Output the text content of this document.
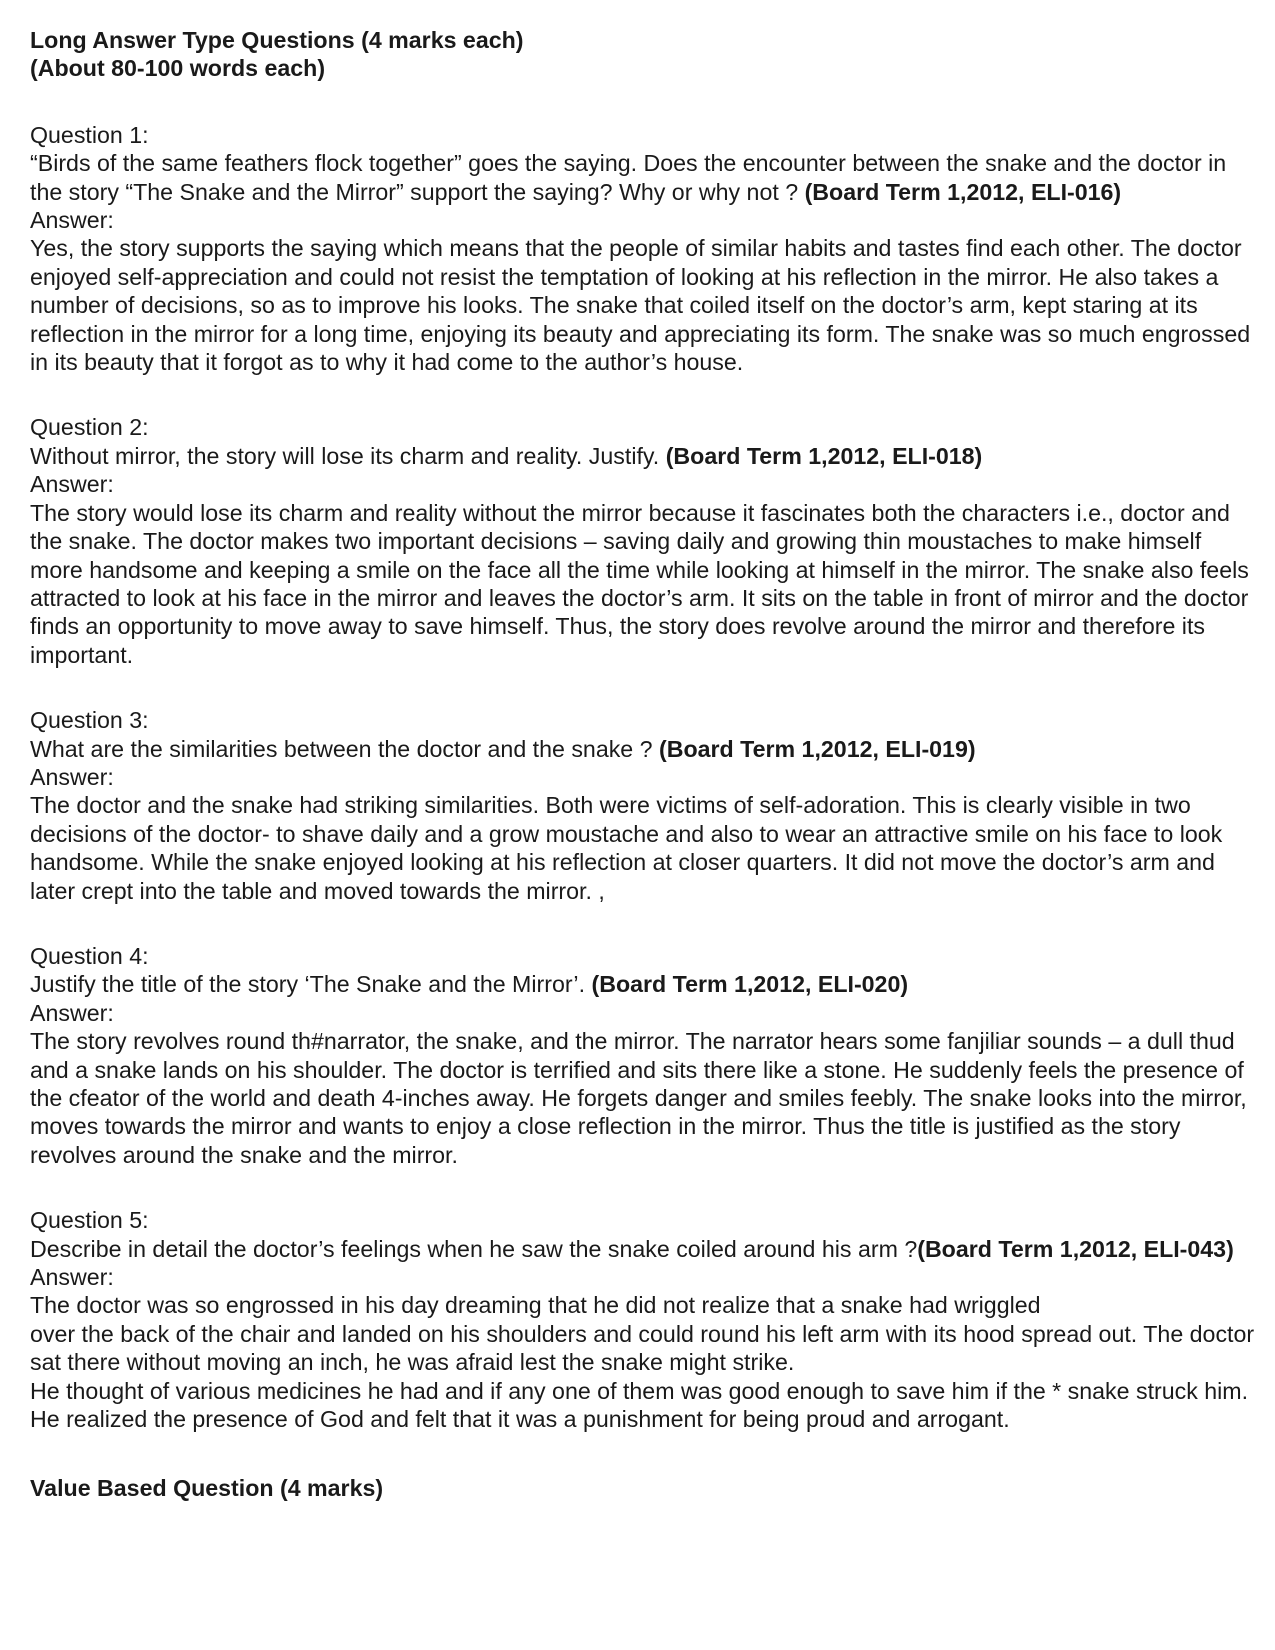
Long Answer Type Questions (4 marks each)

(About 80-100 words each)

Question 1:

“Birds of the same feathers flock together” goes the saying. Does the encounter between the snake and the doctor in the story “The Snake and the Mirror” support the saying? Why or why not ? (Board Term 1,2012, ELI-016)

Answer:

Yes, the story supports the saying which means that the people of similar habits and tastes find each other. The doctor enjoyed self-appreciation and could not resist the temptation of looking at his reflection in the mirror. He also takes a number of decisions, so as to improve his looks. The snake that coiled itself on the doctor’s arm, kept staring at its reflection in the mirror for a long time, enjoying its beauty and appreciating its form. The snake was so much engrossed in its beauty that it forgot as to why it had come to the author’s house.

Question 2:

Without mirror, the story will lose its charm and reality. Justify. (Board Term 1,2012, ELI-018)

Answer:

The story would lose its charm and reality without the mirror because it fascinates both the characters i.e., doctor and the snake. The doctor makes two important decisions – saving daily and growing thin moustaches to make himself more handsome and keeping a smile on the face all the time while looking at himself in the mirror. The snake also feels attracted to look at his face in the mirror and leaves the doctor’s arm. It sits on the table in front of mirror and the doctor finds an opportunity to move away to save himself. Thus, the story does revolve around the mirror and therefore its important.

Question 3:

What are the similarities between the doctor and the snake ? (Board Term 1,2012, ELI-019)

Answer:

The doctor and the snake had striking similarities. Both were victims of self-adoration. This is clearly visible in two decisions of the doctor- to shave daily and a grow moustache and also to wear an attractive smile on his face to look handsome. While the snake enjoyed looking at his reflection at closer quarters. It did not move the doctor’s arm and later crept into the table and moved towards the mirror. ,

Question 4:

Justify the title of the story ‘The Snake and the Mirror’. (Board Term 1,2012, ELI-020)

Answer:

The story revolves round th#narrator, the snake, and the mirror. The narrator hears some fanjiliar sounds – a dull thud and a snake lands on his shoulder. The doctor is terrified and sits there like a stone. He suddenly feels the presence of the cfeator of the world and death 4-inches away. He forgets danger and smiles feebly. The snake looks into the mirror, moves towards the mirror and wants to enjoy a close reflection in the mirror. Thus the title is justified as the story revolves around the snake and the mirror.

Question 5:

Describe in detail the doctor’s feelings when he saw the snake coiled around his arm ?(Board Term 1,2012, ELI-043)

Answer:

The doctor was so engrossed in his day dreaming that he did not realize that a snake had wriggled

over the back of the chair and landed on his shoulders and could round his left arm with its hood spread out. The doctor sat there without moving an inch, he was afraid lest the snake might strike.

He thought of various medicines he had and if any one of them was good enough to save him if the * snake struck him. He realized the presence of God and felt that it was a punishment for being proud and arrogant.

Value Based Question (4 marks)
